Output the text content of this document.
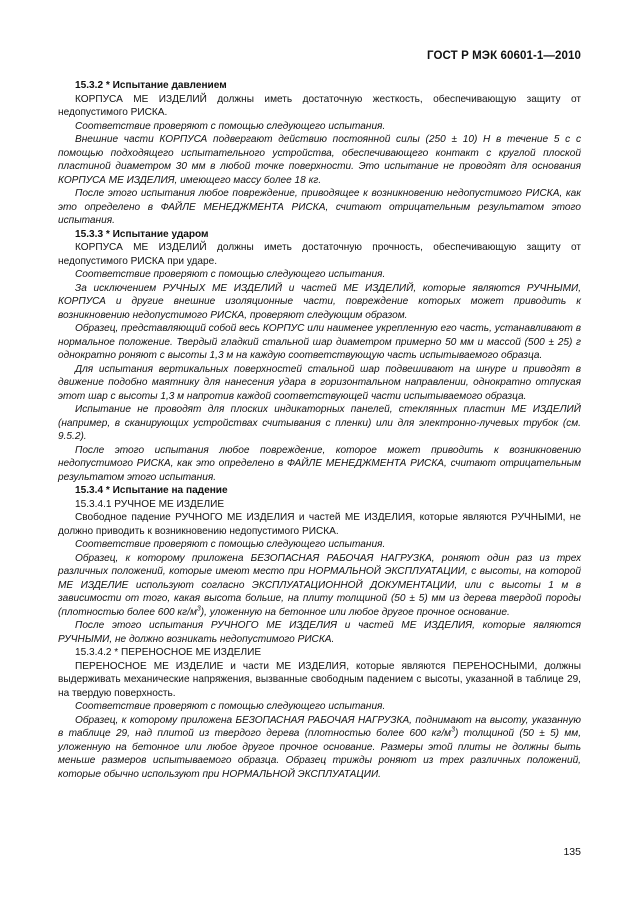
ГОСТ Р МЭК 60601-1—2010

15.3.2 * Испытание давлением

КОРПУСА МЕ ИЗДЕЛИЙ должны иметь достаточную жесткость, обеспечивающую защиту от недопустимого РИСКА.

Соответствие проверяют с помощью следующего испытания.

Внешние части КОРПУСА подвергают действию постоянной силы (250 ± 10) Н в течение 5 с с помощью подходящего испытательного устройства, обеспечивающего контакт с круглой плоской пластиной диаметром 30 мм в любой точке поверхности. Это испытание не проводят для основания КОРПУСА МЕ ИЗДЕЛИЯ, имеющего массу более 18 кг.

После этого испытания любое повреждение, приводящее к возникновению недопустимого РИСКА, как это определено в ФАЙЛЕ МЕНЕДЖМЕНТА РИСКА, считают отрицательным результатом этого испытания.

15.3.3 * Испытание ударом

КОРПУСА МЕ ИЗДЕЛИЙ должны иметь достаточную прочность, обеспечивающую защиту от недопустимого РИСКА при ударе.

Соответствие проверяют с помощью следующего испытания.

За исключением РУЧНЫХ МЕ ИЗДЕЛИЙ и частей МЕ ИЗДЕЛИЙ, которые являются РУЧНЫМИ, КОРПУСА и другие внешние изоляционные части, повреждение которых может приводить к возникновению недопустимого РИСКА, проверяют следующим образом.

Образец, представляющий собой весь КОРПУС или наименее укрепленную его часть, устанавливают в нормальное положение. Твердый гладкий стальной шар диаметром примерно 50 мм и массой (500 ± 25) г однократно роняют с высоты 1,3 м на каждую соответствующую часть испытываемого образца.

Для испытания вертикальных поверхностей стальной шар подвешивают на шнуре и приводят в движение подобно маятнику для нанесения удара в горизонтальном направлении, однократно отпуская этот шар с высоты 1,3 м напротив каждой соответствующей части испытываемого образца.

Испытание не проводят для плоских индикаторных панелей, стеклянных пластин МЕ ИЗДЕЛИЙ (например, в сканирующих устройствах считывания с пленки) или для электронно-лучевых трубок (см. 9.5.2).

После этого испытания любое повреждение, которое может приводить к возникновению недопустимого РИСКА, как это определено в ФАЙЛЕ МЕНЕДЖМЕНТА РИСКА, считают отрицательным результатом этого испытания.

15.3.4 * Испытание на падение

15.3.4.1 РУЧНОЕ МЕ ИЗДЕЛИЕ

Свободное падение РУЧНОГО МЕ ИЗДЕЛИЯ и частей МЕ ИЗДЕЛИЯ, которые являются РУЧНЫМИ, не должно приводить к возникновению недопустимого РИСКА.

Соответствие проверяют с помощью следующего испытания.

Образец, к которому приложена БЕЗОПАСНАЯ РАБОЧАЯ НАГРУЗКА, роняют один раз из трех различных положений, которые имеют место при НОРМАЛЬНОЙ ЭКСПЛУАТАЦИИ, с высоты, на которой МЕ ИЗДЕЛИЕ используют согласно ЭКСПЛУАТАЦИОННОЙ ДОКУМЕНТАЦИИ, или с высоты 1 м в зависимости от того, какая высота больше, на плиту толщиной (50 ± 5) мм из дерева твердой породы (плотностью более 600 $кг/м^3$), уложенную на бетонное или любое другое прочное основание.

После этого испытания РУЧНОГО МЕ ИЗДЕЛИЯ и частей МЕ ИЗДЕЛИЯ, которые являются РУЧНЫМИ, не должно возникать недопустимого РИСКА.

15.3.4.2 * ПЕРЕНОСНОЕ МЕ ИЗДЕЛИЕ

ПЕРЕНОСНОЕ МЕ ИЗДЕЛИЕ и части МЕ ИЗДЕЛИЯ, которые являются ПЕРЕНОСНЫМИ, должны выдерживать механические напряжения, вызванные свободным падением с высоты, указанной в таблице 29, на твердую поверхность.

Соответствие проверяют с помощью следующего испытания.

Образец, к которому приложена БЕЗОПАСНАЯ РАБОЧАЯ НАГРУЗКА, поднимают на высоту, указанную в таблице 29, над плитой из твердого дерева (плотностью более 600 $кг/м^3$) толщиной (50 ± 5) мм, уложенную на бетонное или любое другое прочное основание. Размеры этой плиты не должны быть меньше размеров испытываемого образца. Образец трижды роняют из трех различных положений, которые обычно используют при НОРМАЛЬНОЙ ЭКСПЛУАТАЦИИ.

135
